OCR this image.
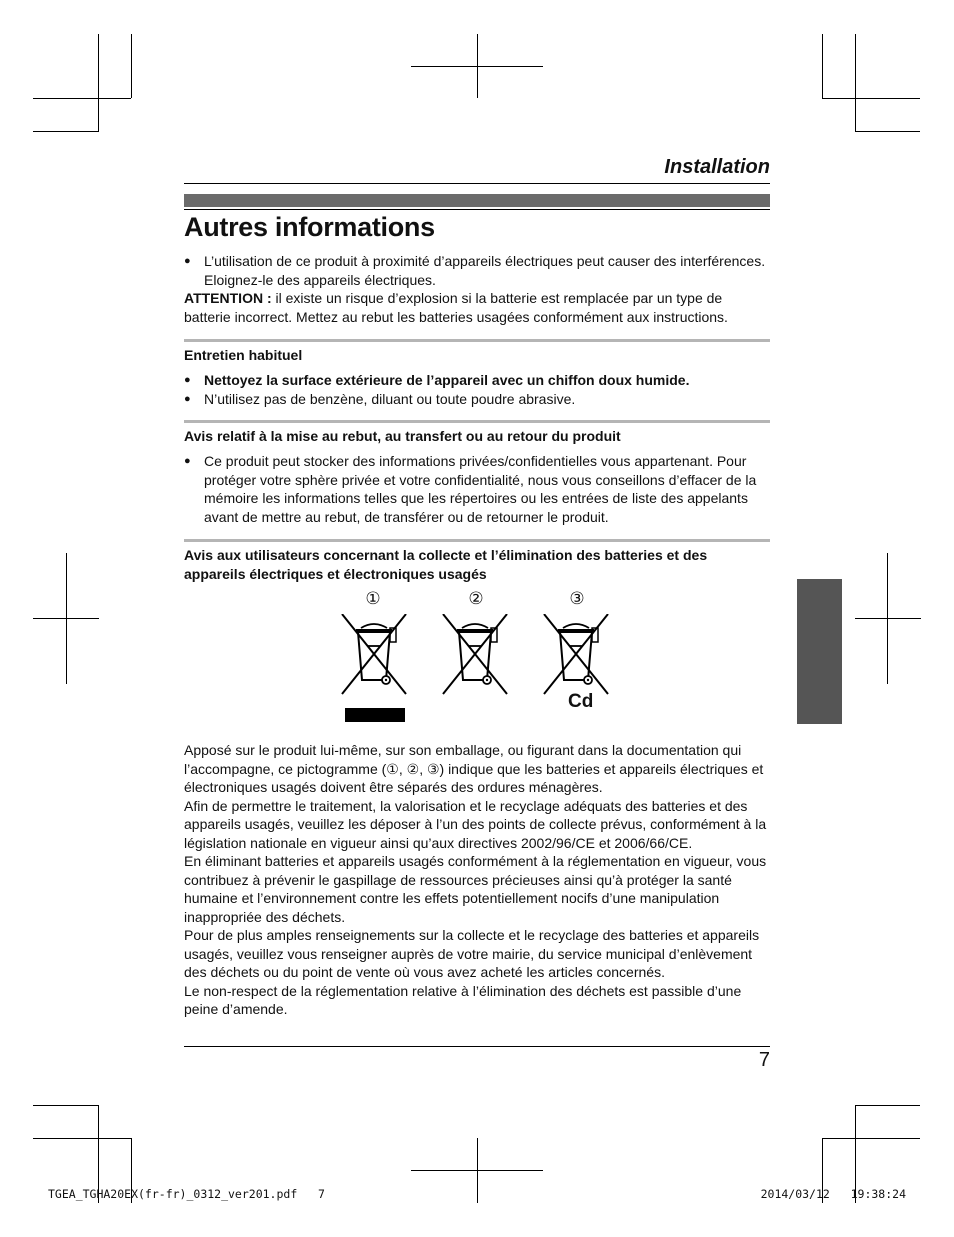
Installation
Autres informations
● L’utilisation de ce produit à proximité d’appareils électriques peut causer des interférences. Eloignez-le des appareils électriques.

ATTENTION : il existe un risque d’explosion si la batterie est remplacée par un type de batterie incorrect. Mettez au rebut les batteries usagées conformément aux instructions.

Entretien habituel
● Nettoyez la surface extérieure de l’appareil avec un chiffon doux humide.
● N’utilisez pas de benzène, diluant ou toute poudre abrasive.
Avis relatif à la mise au rebut, au transfert ou au retour du produit
● Ce produit peut stocker des informations privées/confidentielles vous appartenant. Pour protéger votre sphère privée et votre confidentialité, nous vous conseillons d’effacer de la mémoire les informations telles que les répertoires ou les entrées de liste des appelants avant de mettre au rebut, de transférer ou de retourner le produit.
Avis aux utilisateurs concernant la collecte et l’élimination des batteries et des appareils électriques et électroniques usagés
①	②	③
Cd

Apposé sur le produit lui-même, sur son emballage, ou figurant dans la documentation qui l’accompagne, ce pictogramme (①, ②, ③) indique que les batteries et appareils électriques et électroniques usagés doivent être séparés des ordures ménagères.

Afin de permettre le traitement, la valorisation et le recyclage adéquats des batteries et des appareils usagés, veuillez les déposer à l’un des points de collecte prévus, conformément à la législation nationale en vigueur ainsi qu’aux directives 2002/96/CE et 2006/66/CE.

En éliminant batteries et appareils usagés conformément à la réglementation en vigueur, vous contribuez à prévenir le gaspillage de ressources précieuses ainsi qu’à protéger la santé humaine et l’environnement contre les effets potentiellement nocifs d’une manipulation inappropriée des déchets.

Pour de plus amples renseignements sur la collecte et le recyclage des batteries et appareils usagés, veuillez vous renseigner auprès de votre mairie, du service municipal d’enlèvement des déchets ou du point de vente où vous avez acheté les articles concernés.

Le non-respect de la réglementation relative à l’élimination des déchets est passible d’une peine d’amende.

7
TGEA_TGHA20EX(fr-fr)_0312_ver201.pdf   7	2014/03/12   19:38:24
